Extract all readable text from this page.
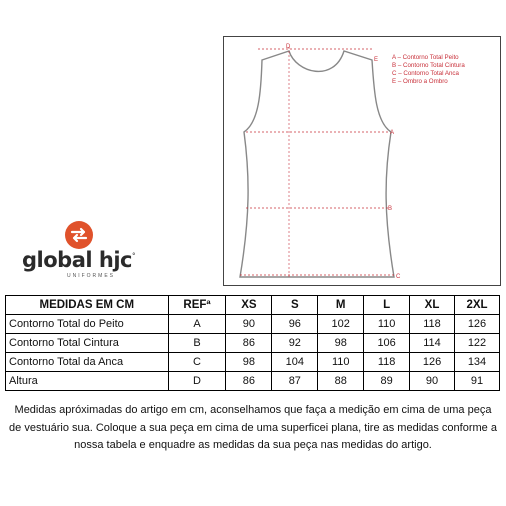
D
E
A
B
C
A – Contorno Total Peito
B – Contorno Total Cintura
C – Contorno Total Anca
E – Ombro a Ombro
global hjc°
UNIFORMES
MEDIDAS EM CM	REFª	XS	S	M	L	XL	2XL
Contorno Total do Peito	A	90	96	102	110	118	126
Contorno Total Cintura	B	86	92	98	106	114	122
Contorno Total da Anca	C	98	104	110	118	126	134
Altura	D	86	87	88	89	90	91
Medidas apróximadas do artigo em cm, aconselhamos que faça a medição em cima de uma peça de vestuário sua. Coloque a sua peça em cima de uma superficei plana, tire as medidas conforme a nossa tabela e enquadre as medidas da sua peça nas medidas do artigo.
